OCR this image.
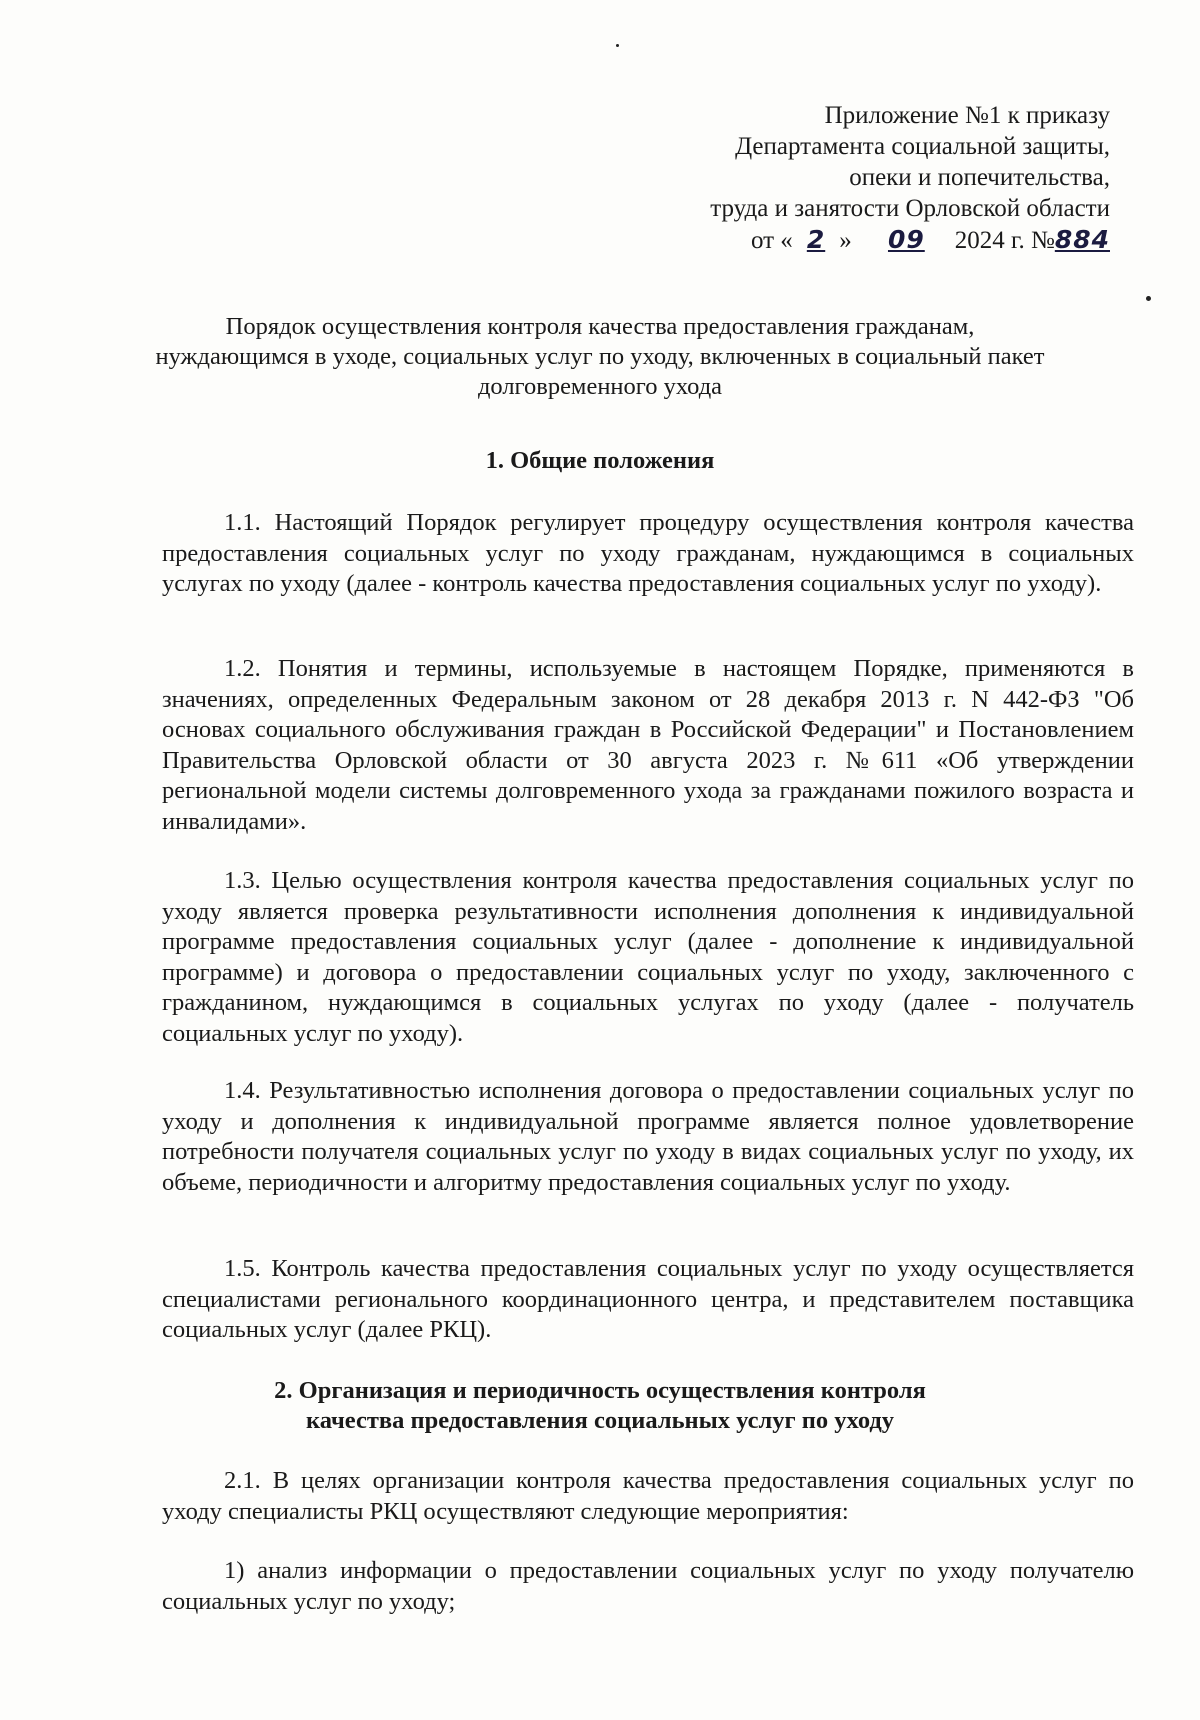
Приложение №1 к приказу
Департамента социальной защиты,
опеки и попечительства,
труда и занятости Орловской области
от « 2 » 09 2024 г. №884
Порядок осуществления контроля качества предоставления гражданам, нуждающимся в уходе, социальных услуг по уходу, включенных в социальный пакет долговременного ухода
1. Общие положения

1.1. Настоящий Порядок регулирует процедуру осуществления контроля качества предоставления социальных услуг по уходу гражданам, нуждающимся в социальных услугах по уходу (далее - контроль качества предоставления социальных услуг по уходу).

1.2. Понятия и термины, используемые в настоящем Порядке, применяются в значениях, определенных Федеральным законом от 28 декабря 2013 г. N 442-ФЗ "Об основах социального обслуживания граждан в Российской Федерации" и Постановлением Правительства Орловской области от 30 августа 2023 г. №611 «Об утверждении региональной модели системы долговременного ухода за гражданами пожилого возраста и инвалидами».

1.3. Целью осуществления контроля качества предоставления социальных услуг по уходу является проверка результативности исполнения дополнения к индивидуальной программе предоставления социальных услуг (далее - дополнение к индивидуальной программе) и договора о предоставлении социальных услуг по уходу, заключенного с гражданином, нуждающимся в социальных услугах по уходу (далее - получатель социальных услуг по уходу).

1.4. Результативностью исполнения договора о предоставлении социальных услуг по уходу и дополнения к индивидуальной программе является полное удовлетворение потребности получателя социальных услуг по уходу в видах социальных услуг по уходу, их объеме, периодичности и алгоритму предоставления социальных услуг по уходу.

1.5. Контроль качества предоставления социальных услуг по уходу осуществляется специалистами регионального координационного центра, и представителем поставщика социальных услуг (далее РКЦ).

2. Организация и периодичность осуществления контроля
качества предоставления социальных услуг по уходу

2.1. В целях организации контроля качества предоставления социальных услуг по уходу специалисты РКЦ осуществляют следующие мероприятия:

1) анализ информации о предоставлении социальных услуг по уходу получателю социальных услуг по уходу;
